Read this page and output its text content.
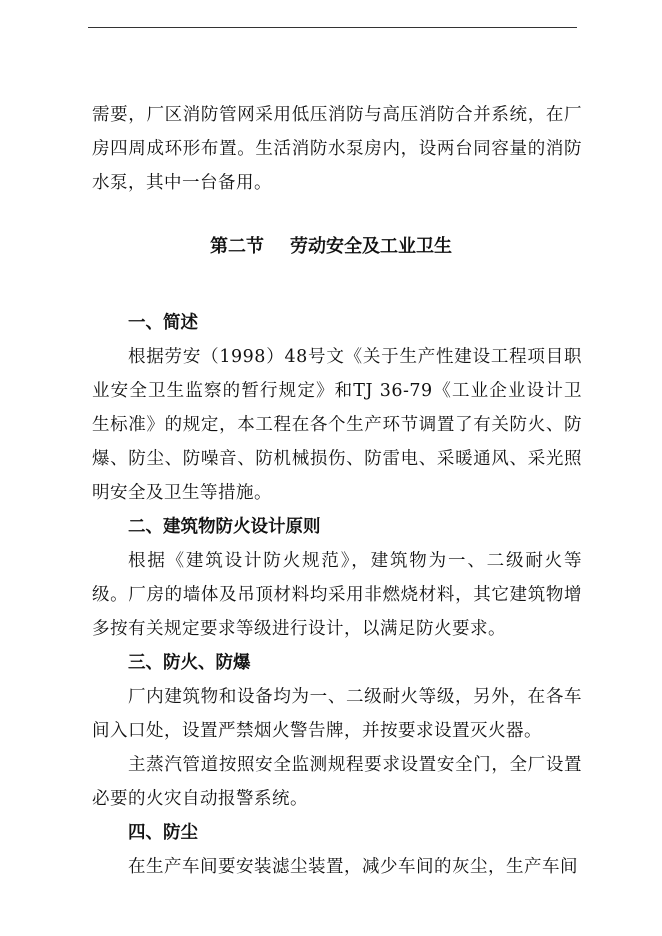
需要，厂区消防管网采用低压消防与高压消防合并系统，在厂房四周成环形布置。生活消防水泵房内，设两台同容量的消防水泵，其中一台备用。

第二节 劳动安全及工业卫生
一、简述

根据劳安（1998）48号文《关于生产性建设工程项目职业安全卫生监察的暂行规定》和TJ 36-79《工业企业设计卫生标准》的规定，本工程在各个生产环节调置了有关防火、防爆、防尘、防噪音、防机械损伤、防雷电、采暖通风、采光照明安全及卫生等措施。

二、建筑物防火设计原则

根据《建筑设计防火规范》，建筑物为一、二级耐火等级。厂房的墙体及吊顶材料均采用非燃烧材料，其它建筑物增多按有关规定要求等级进行设计，以满足防火要求。

三、防火、防爆

厂内建筑物和设备均为一、二级耐火等级，另外，在各车间入口处，设置严禁烟火警告牌，并按要求设置灭火器。

主蒸汽管道按照安全监测规程要求设置安全门，全厂设置必要的火灾自动报警系统。

四、防尘

在生产车间要安装滤尘装置，减少车间的灰尘，生产车间
